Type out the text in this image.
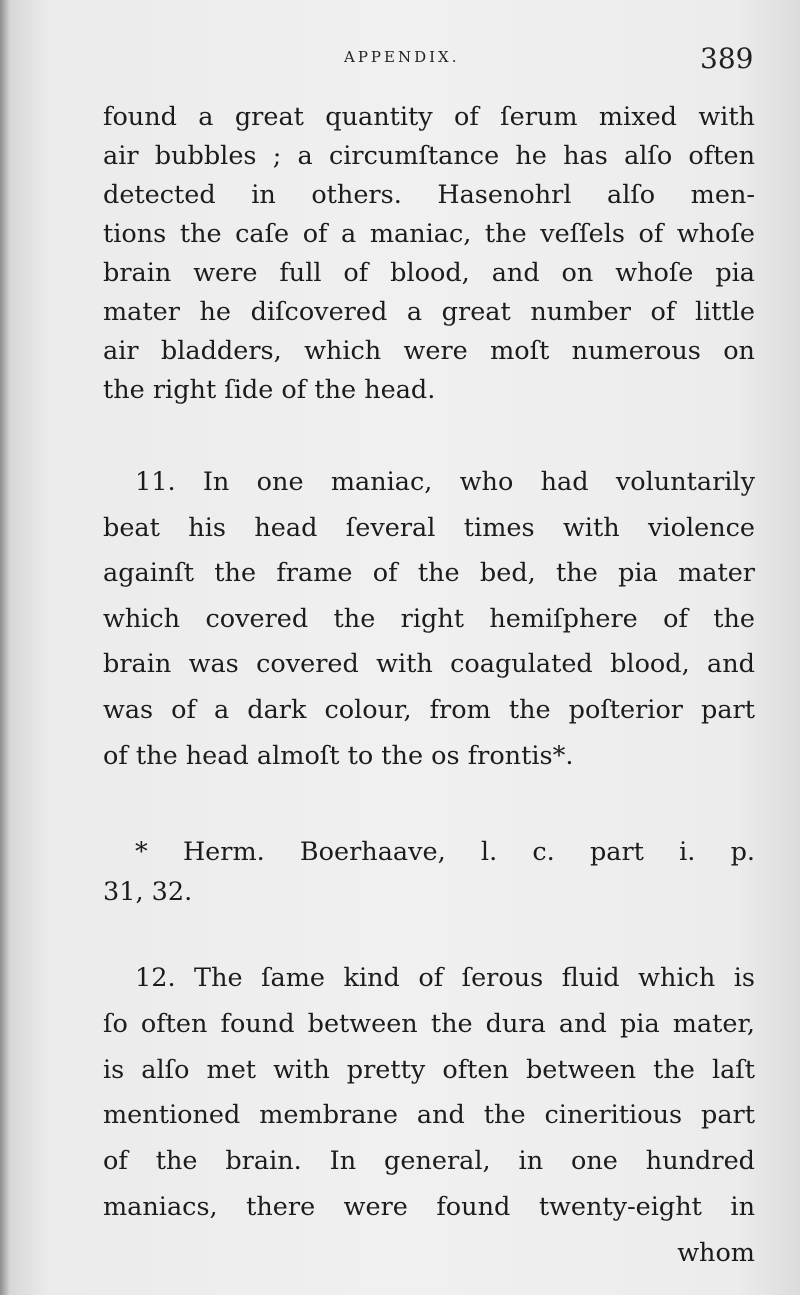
APPENDIX.	389
found a great quantity of ſerum mixed with
air bubbles ; a circumſtance he has alſo often
detected in others. Hasenohrl alſo men-
tions the caſe of a maniac, the veſſels of whoſe
brain were full of blood, and on whoſe pia
mater he diſcovered a great number of little
air bladders, which were moſt numerous on
the right ſide of the head.
11. In one maniac, who had voluntarily
beat his head ſeveral times with violence
againſt the frame of the bed, the pia mater
which covered the right hemiſphere of the
brain was covered with coagulated blood, and
was of a dark colour, from the poſterior part
of the head almoſt to the os frontis*.
* Herm. Boerhaave, l. c. part i. p.
31, 32.
12. The ſame kind of ſerous fluid which is
ſo often found between the dura and pia mater,
is alſo met with pretty often between the laſt
mentioned membrane and the cineritious part
of the brain. In general, in one hundred
maniacs, there were found twenty-eight in
whom
